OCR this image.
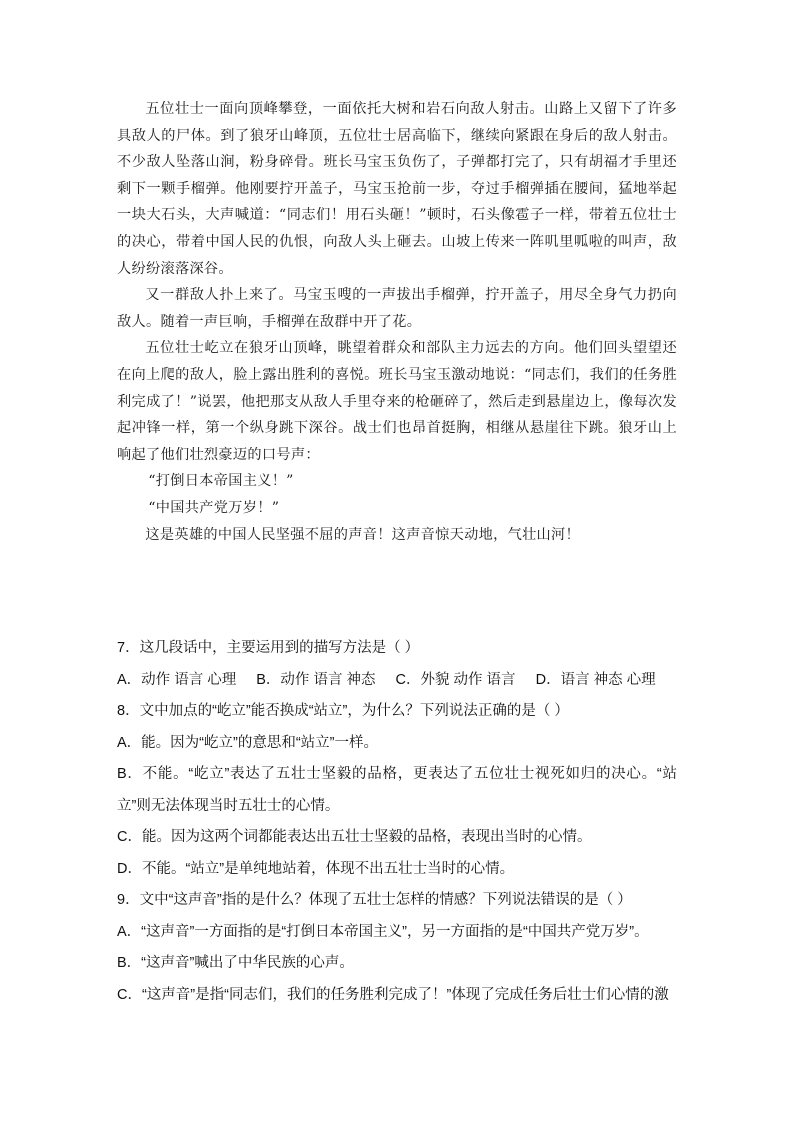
五位壮士一面向顶峰攀登，一面依托大树和岩石向敌人射击。山路上又留下了许多具敌人的尸体。到了狼牙山峰顶，五位壮士居高临下，继续向紧跟在身后的敌人射击。不少敌人坠落山涧，粉身碎骨。班长马宝玉负伤了，子弹都打完了，只有胡福才手里还剩下一颗手榴弹。他刚要拧开盖子，马宝玉抢前一步，夺过手榴弹插在腰间，猛地举起一块大石头，大声喊道：“同志们！用石头砸！”顿时，石头像雹子一样，带着五位壮士的决心，带着中国人民的仇恨，向敌人头上砸去。山坡上传来一阵叽里呱啦的叫声，敌人纷纷滚落深谷。

又一群敌人扑上来了。马宝玉嗖的一声拔出手榴弹，拧开盖子，用尽全身气力扔向敌人。随着一声巨响，手榴弹在敌群中开了花。

五位壮士屹立在狼牙山顶峰，眺望着群众和部队主力远去的方向。他们回头望望还在向上爬的敌人，脸上露出胜利的喜悦。班长马宝玉激动地说：“同志们，我们的任务胜利完成了！”说罢，他把那支从敌人手里夺来的枪砸碎了，然后走到悬崖边上，像每次发起冲锋一样，第一个纵身跳下深谷。战士们也昂首挺胸，相继从悬崖往下跳。狼牙山上响起了他们壮烈豪迈的口号声：

“打倒日本帝国主义！”

“中国共产党万岁！”

这是英雄的中国人民坚强不屈的声音！这声音惊天动地，气壮山河！

7．这几段话中，主要运用到的描写方法是（ ）
A．动作 语言 心理 B．动作 语言 神态 C．外貌 动作 语言 D．语言 神态 心理
8．文中加点的“屹立”能否换成“站立”，为什么？下列说法正确的是（ ）
A．能。因为“屹立”的意思和“站立”一样。
B．不能。“屹立”表达了五壮士坚毅的品格，更表达了五位壮士视死如归的决心。“站立”则无法体现当时五壮士的心情。
C．能。因为这两个词都能表达出五壮士坚毅的品格，表现出当时的心情。
D．不能。“站立”是单纯地站着，体现不出五壮士当时的心情。
9．文中“这声音”指的是什么？体现了五壮士怎样的情感？下列说法错误的是（ ）
A．“这声音”一方面指的是“打倒日本帝国主义”，另一方面指的是“中国共产党万岁”。
B．“这声音”喊出了中华民族的心声。
C．“这声音”是指“同志们，我们的任务胜利完成了！”体现了完成任务后壮士们心情的激
